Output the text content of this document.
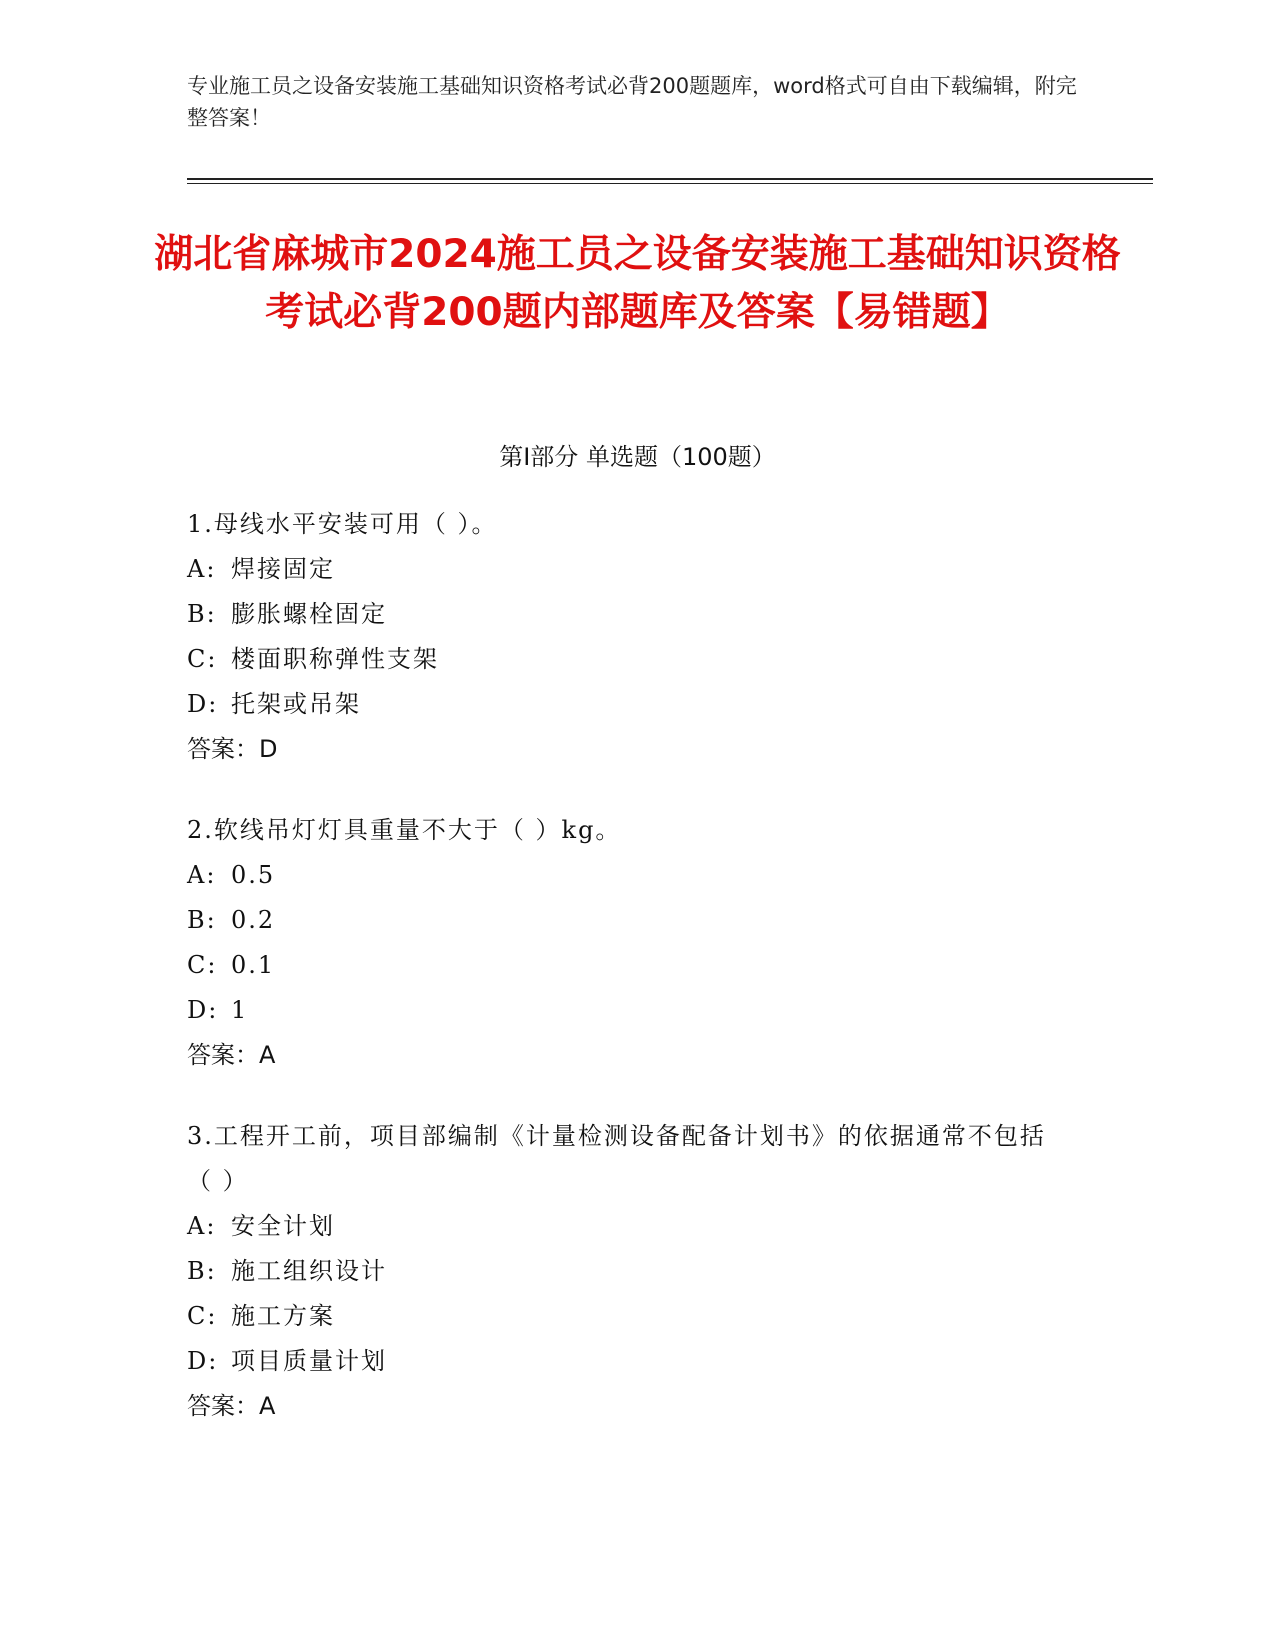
专业施工员之设备安装施工基础知识资格考试必背200题题库，word格式可自由下载编辑，附完整答案！
湖北省麻城市2024施工员之设备安装施工基础知识资格考试必背200题内部题库及答案【易错题】
第I部分 单选题（100题）
1.母线水平安装可用（ ）。
A: 焊接固定
B: 膨胀螺栓固定
C: 楼面职称弹性支架
D: 托架或吊架
答案：D
2.软线吊灯灯具重量不大于（ ）kg。
A: 0.5
B: 0.2
C: 0.1
D: 1
答案：A
3.工程开工前，项目部编制《计量检测设备配备计划书》的依据通常不包括（ ）
A: 安全计划
B: 施工组织设计
C: 施工方案
D: 项目质量计划
答案：A
